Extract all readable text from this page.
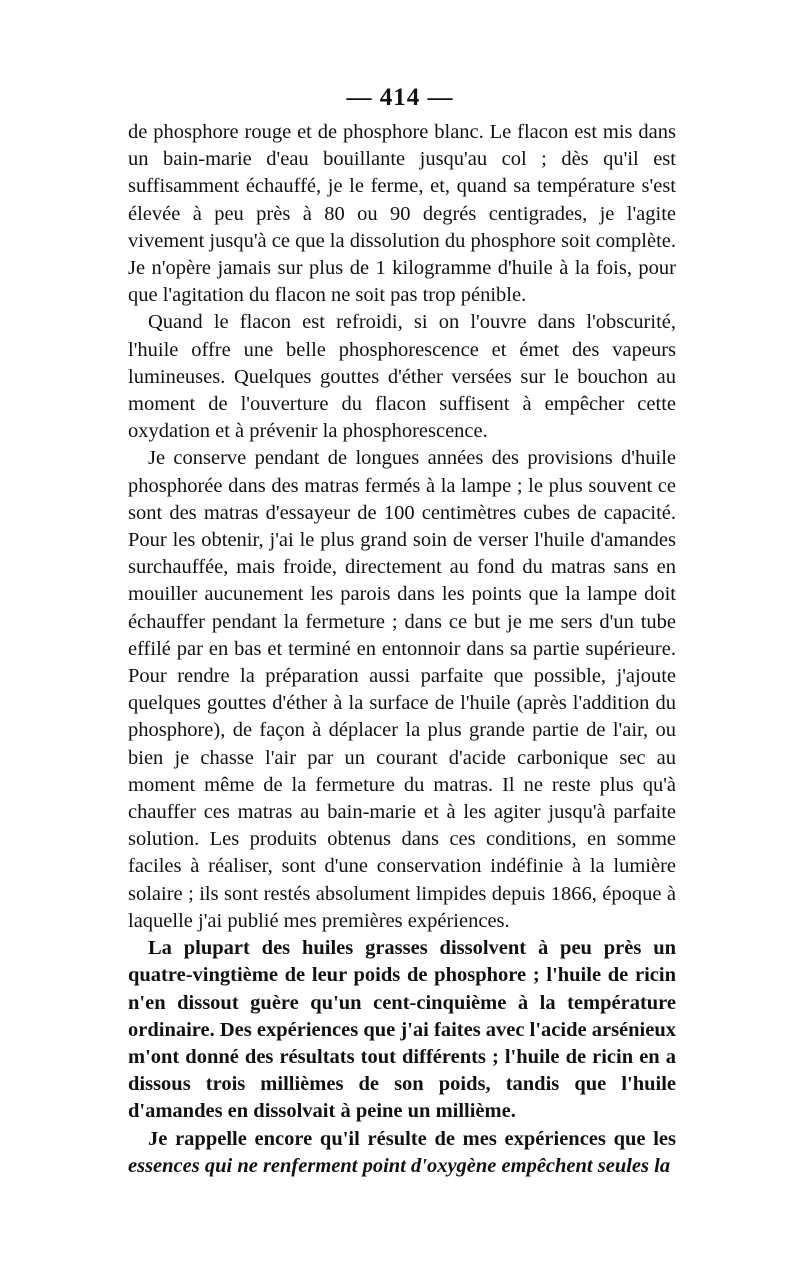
— 414 —

de phosphore rouge et de phosphore blanc. Le flacon est mis dans un bain-marie d'eau bouillante jusqu'au col ; dès qu'il est suffisamment échauffé, je le ferme, et, quand sa température s'est élevée à peu près à 80 ou 90 degrés centigrades, je l'agite vivement jusqu'à ce que la dissolution du phosphore soit complète. Je n'opère jamais sur plus de 1 kilogramme d'huile à la fois, pour que l'agitation du flacon ne soit pas trop pénible.

Quand le flacon est refroidi, si on l'ouvre dans l'obscurité, l'huile offre une belle phosphorescence et émet des vapeurs lumineuses. Quelques gouttes d'éther versées sur le bouchon au moment de l'ouverture du flacon suffisent à empêcher cette oxydation et à prévenir la phosphorescence.

Je conserve pendant de longues années des provisions d'huile phosphorée dans des matras fermés à la lampe ; le plus souvent ce sont des matras d'essayeur de 100 centimètres cubes de capacité. Pour les obtenir, j'ai le plus grand soin de verser l'huile d'amandes surchauffée, mais froide, directement au fond du matras sans en mouiller aucunement les parois dans les points que la lampe doit échauffer pendant la fermeture ; dans ce but je me sers d'un tube effilé par en bas et terminé en entonnoir dans sa partie supérieure. Pour rendre la préparation aussi parfaite que possible, j'ajoute quelques gouttes d'éther à la surface de l'huile (après l'addition du phosphore), de façon à déplacer la plus grande partie de l'air, ou bien je chasse l'air par un courant d'acide carbonique sec au moment même de la fermeture du matras. Il ne reste plus qu'à chauffer ces matras au bain-marie et à les agiter jusqu'à parfaite solution. Les produits obtenus dans ces conditions, en somme faciles à réaliser, sont d'une conservation indéfinie à la lumière solaire ; ils sont restés absolument limpides depuis 1866, époque à laquelle j'ai publié mes premières expériences.

La plupart des huiles grasses dissolvent à peu près un quatre-vingtième de leur poids de phosphore ; l'huile de ricin n'en dissout guère qu'un cent-cinquième à la température ordinaire. Des expériences que j'ai faites avec l'acide arsénieux m'ont donné des résultats tout différents ; l'huile de ricin en a dissous trois millièmes de son poids, tandis que l'huile d'amandes en dissolvait à peine un millième.

Je rappelle encore qu'il résulte de mes expériences que les essences qui ne renferment point d'oxygène empêchent seules la
